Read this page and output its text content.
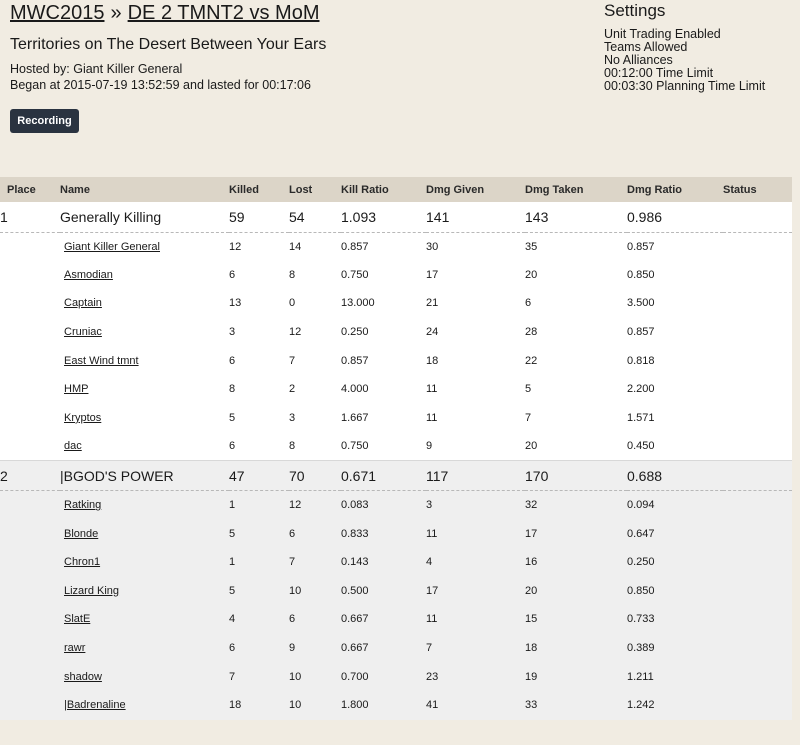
MWC2015 » DE 2 TMNT2 vs MoM
Territories on The Desert Between Your Ears
Hosted by: Giant Killer General
Began at 2015-07-19 13:52:59 and lasted for 00:17:06
Recording
Settings
Unit Trading Enabled
Teams Allowed
No Alliances
00:12:00 Time Limit
00:03:30 Planning Time Limit
Place	Name	Killed	Lost	Kill Ratio	Dmg Given	Dmg Taken	Dmg Ratio	Status
1	Generally Killing	59	54	1.093	141	143	0.986	
	Giant Killer General	12	14	0.857	30	35	0.857	
	Asmodian	6	8	0.750	17	20	0.850	
	Captain	13	0	13.000	21	6	3.500	
	Cruniac	3	12	0.250	24	28	0.857	
	East Wind tmnt	6	7	0.857	18	22	0.818	
	HMP	8	2	4.000	11	5	2.200	
	Kryptos	5	3	1.667	11	7	1.571	
	dac	6	8	0.750	9	20	0.450	
2	|BGOD'S POWER	47	70	0.671	117	170	0.688	
	Ratking	1	12	0.083	3	32	0.094	
	Blonde	5	6	0.833	11	17	0.647	
	Chron1	1	7	0.143	4	16	0.250	
	Lizard King	5	10	0.500	17	20	0.850	
	SlatE	4	6	0.667	11	15	0.733	
	rawr	6	9	0.667	7	18	0.389	
	shadow	7	10	0.700	23	19	1.211	
	|Badrenaline	18	10	1.800	41	33	1.242	
